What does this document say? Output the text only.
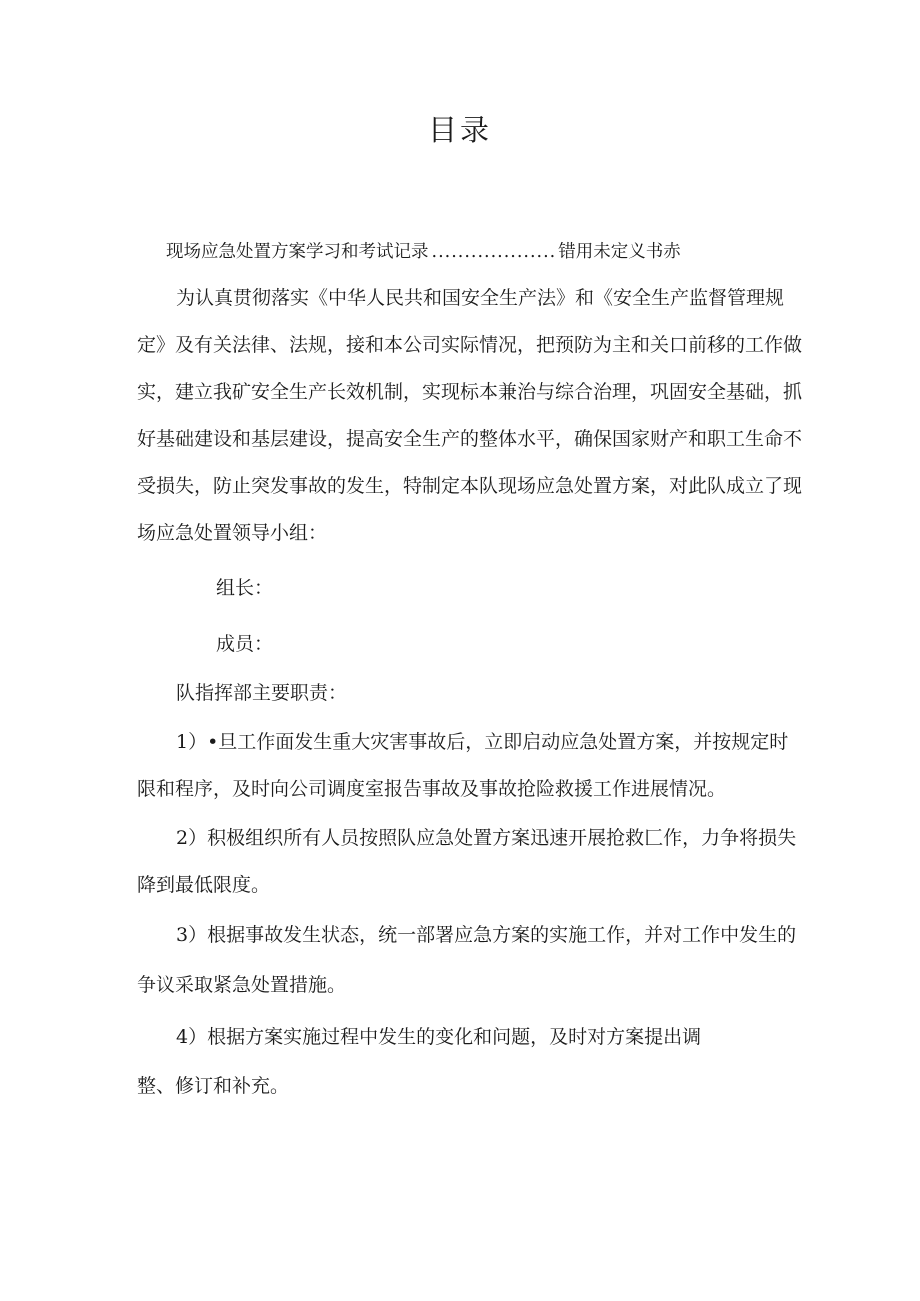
目录
现场应急处置方案学习和考试记录 ................... 错用未定义书赤
为认真贯彻落实《中华人民共和国安全生产法》和《安全生产监督管理规
定》及有关法律、法规，接和本公司实际情况，把预防为主和关口前移的工作做
实，建立我矿安全生产长效机制，实现标本兼治与综合治理，巩固安全基础，抓
好基础建设和基层建设，提高安全生产的整体水平，确保国家财产和职工生命不
受损失，防止突发事故的发生，特制定本队现场应急处置方案，对此队成立了现
场应急处置领导小组：
组长：
成员：
队指挥部主要职责：
1）•旦工作面发生重大灾害事故后，立即启动应急处置方案，并按规定时
限和程序，及时向公司调度室报告事故及事故抢险救援工作进展情况。
2）积极组织所有人员按照队应急处置方案迅速开展抢救匚作，力争将损失
降到最低限度。
3）根据事故发生状态，统一部署应急方案的实施工作，并对工作中发生的
争议采取紧急处置措施。
4）根据方案实施过程中发生的变化和问题，及时对方案提出调
整、修订和补充。
